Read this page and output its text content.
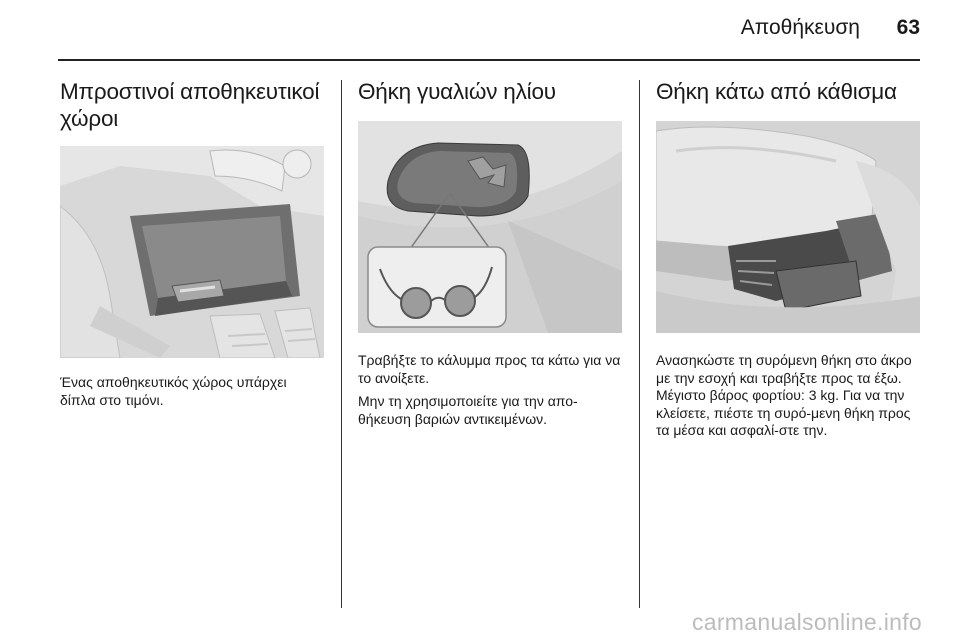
Αποθήκευση 63
Μπροστινοί αποθηκευτικοί χώροι

Ένας αποθηκευτικός χώρος υπάρχει δίπλα στο τιμόνι.

Θήκη γυαλιών ηλίου

Τραβήξτε το κάλυμμα προς τα κάτω για να το ανοίξετε.

Μην τη χρησιμοποιείτε για την απο‐θήκευση βαριών αντικειμένων.

Θήκη κάτω από κάθισμα

Ανασηκώστε τη συρόμενη θήκη στο άκρο με την εσοχή και τραβήξτε προς τα έξω. Μέγιστο βάρος φορτίου: 3 kg. Για να την κλείσετε, πιέστε τη συρό‐μενη θήκη προς τα μέσα και ασφαλί‐στε την.

carmanualsonline.info
